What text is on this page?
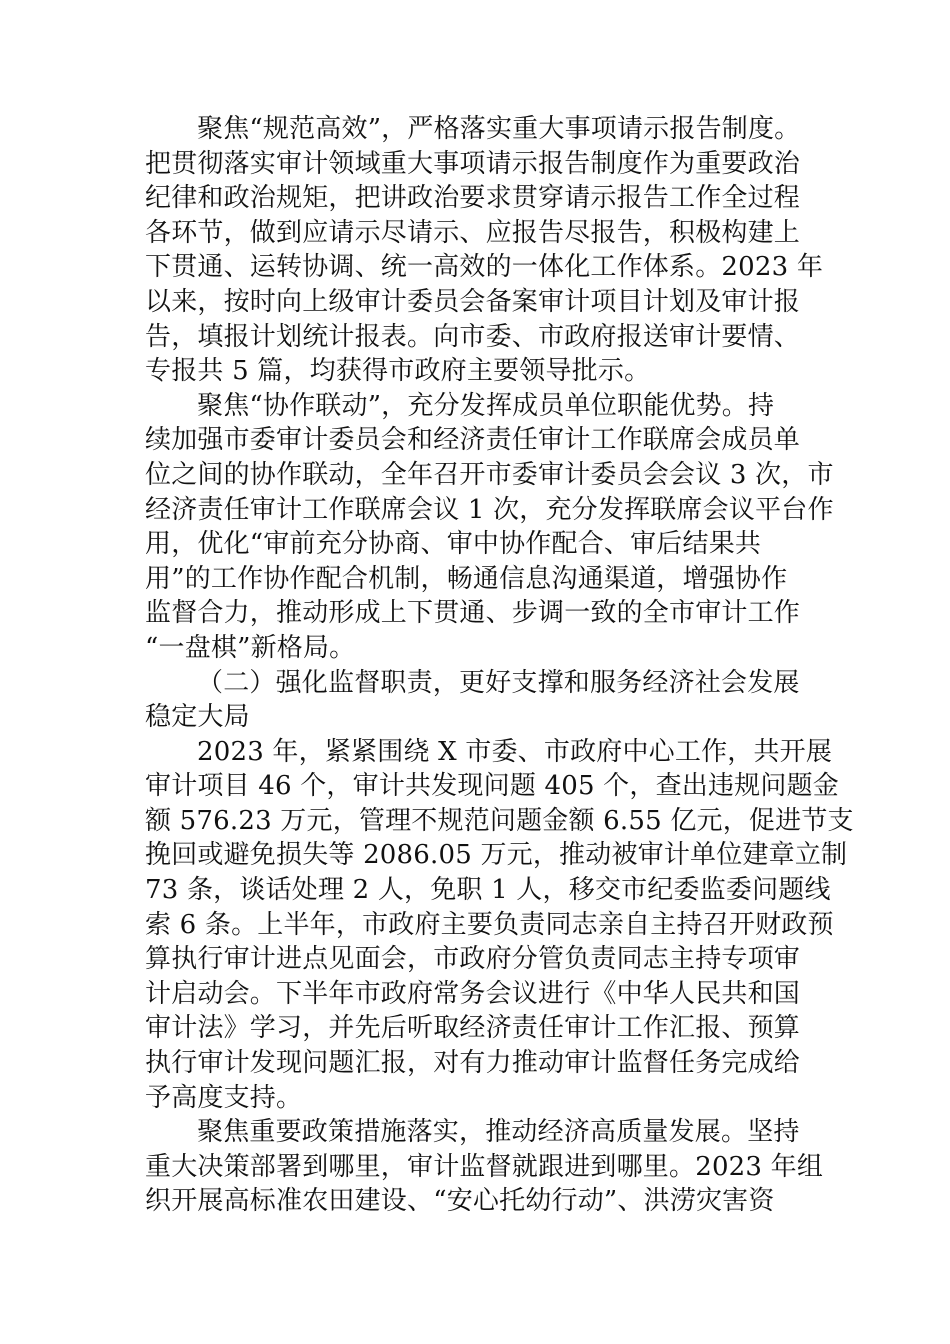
聚焦“规范高效”，严格落实重大事项请示报告制度。
把贯彻落实审计领域重大事项请示报告制度作为重要政治
纪律和政治规矩，把讲政治要求贯穿请示报告工作全过程
各环节，做到应请示尽请示、应报告尽报告，积极构建上
下贯通、运转协调、统一高效的一体化工作体系。2023 年
以来，按时向上级审计委员会备案审计项目计划及审计报
告，填报计划统计报表。向市委、市政府报送审计要情、
专报共 5 篇，均获得市政府主要领导批示。
聚焦“协作联动”，充分发挥成员单位职能优势。持
续加强市委审计委员会和经济责任审计工作联席会成员单
位之间的协作联动，全年召开市委审计委员会会议 3 次，市
经济责任审计工作联席会议 1 次，充分发挥联席会议平台作
用，优化“审前充分协商、审中协作配合、审后结果共
用”的工作协作配合机制，畅通信息沟通渠道，增强协作
监督合力，推动形成上下贯通、步调一致的全市审计工作
“一盘棋”新格局。
（二）强化监督职责，更好支撑和服务经济社会发展
稳定大局
2023 年，紧紧围绕 X 市委、市政府中心工作，共开展
审计项目 46 个，审计共发现问题 405 个，查出违规问题金
额 576.23 万元，管理不规范问题金额 6.55 亿元，促进节支
挽回或避免损失等 2086.05 万元，推动被审计单位建章立制
73 条，谈话处理 2 人，免职 1 人，移交市纪委监委问题线
索 6 条。上半年，市政府主要负责同志亲自主持召开财政预
算执行审计进点见面会，市政府分管负责同志主持专项审
计启动会。下半年市政府常务会议进行《中华人民共和国
审计法》学习，并先后听取经济责任审计工作汇报、预算
执行审计发现问题汇报，对有力推动审计监督任务完成给
予高度支持。
聚焦重要政策措施落实，推动经济高质量发展。坚持
重大决策部署到哪里，审计监督就跟进到哪里。2023 年组
织开展高标准农田建设、“安心托幼行动”、洪涝灾害资
